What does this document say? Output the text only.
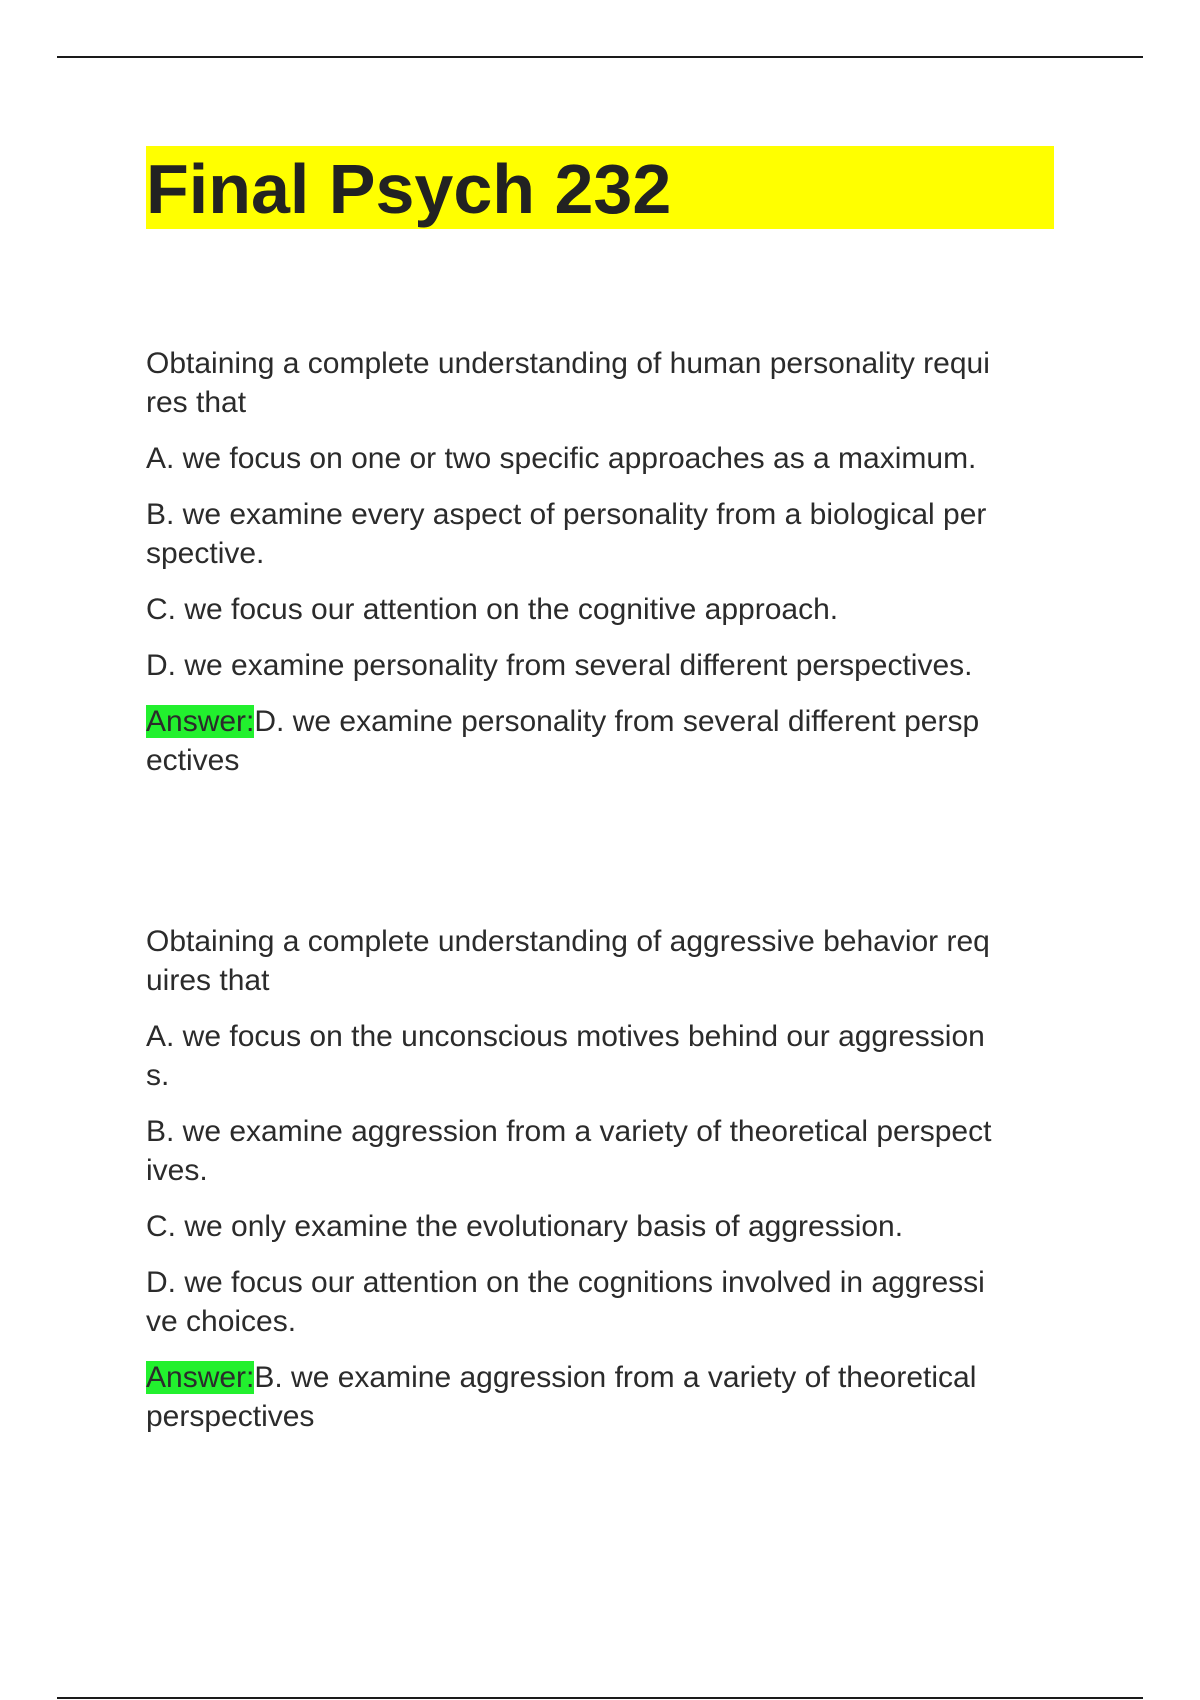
Final Psych 232

Obtaining a complete understanding of human personality requi
res that

A. we focus on one or two specific approaches as a maximum.

B. we examine every aspect of personality from a biological per
spective.

C. we focus our attention on the cognitive approach.

D. we examine personality from several different perspectives.

Answer:D. we examine personality from several different persp
ectives

Obtaining a complete understanding of aggressive behavior req
uires that

A. we focus on the unconscious motives behind our aggression
s.

B. we examine aggression from a variety of theoretical perspect
ives.

C. we only examine the evolutionary basis of aggression.

D. we focus our attention on the cognitions involved in aggressi
ve choices.

Answer:B. we examine aggression from a variety of theoretical
perspectives
